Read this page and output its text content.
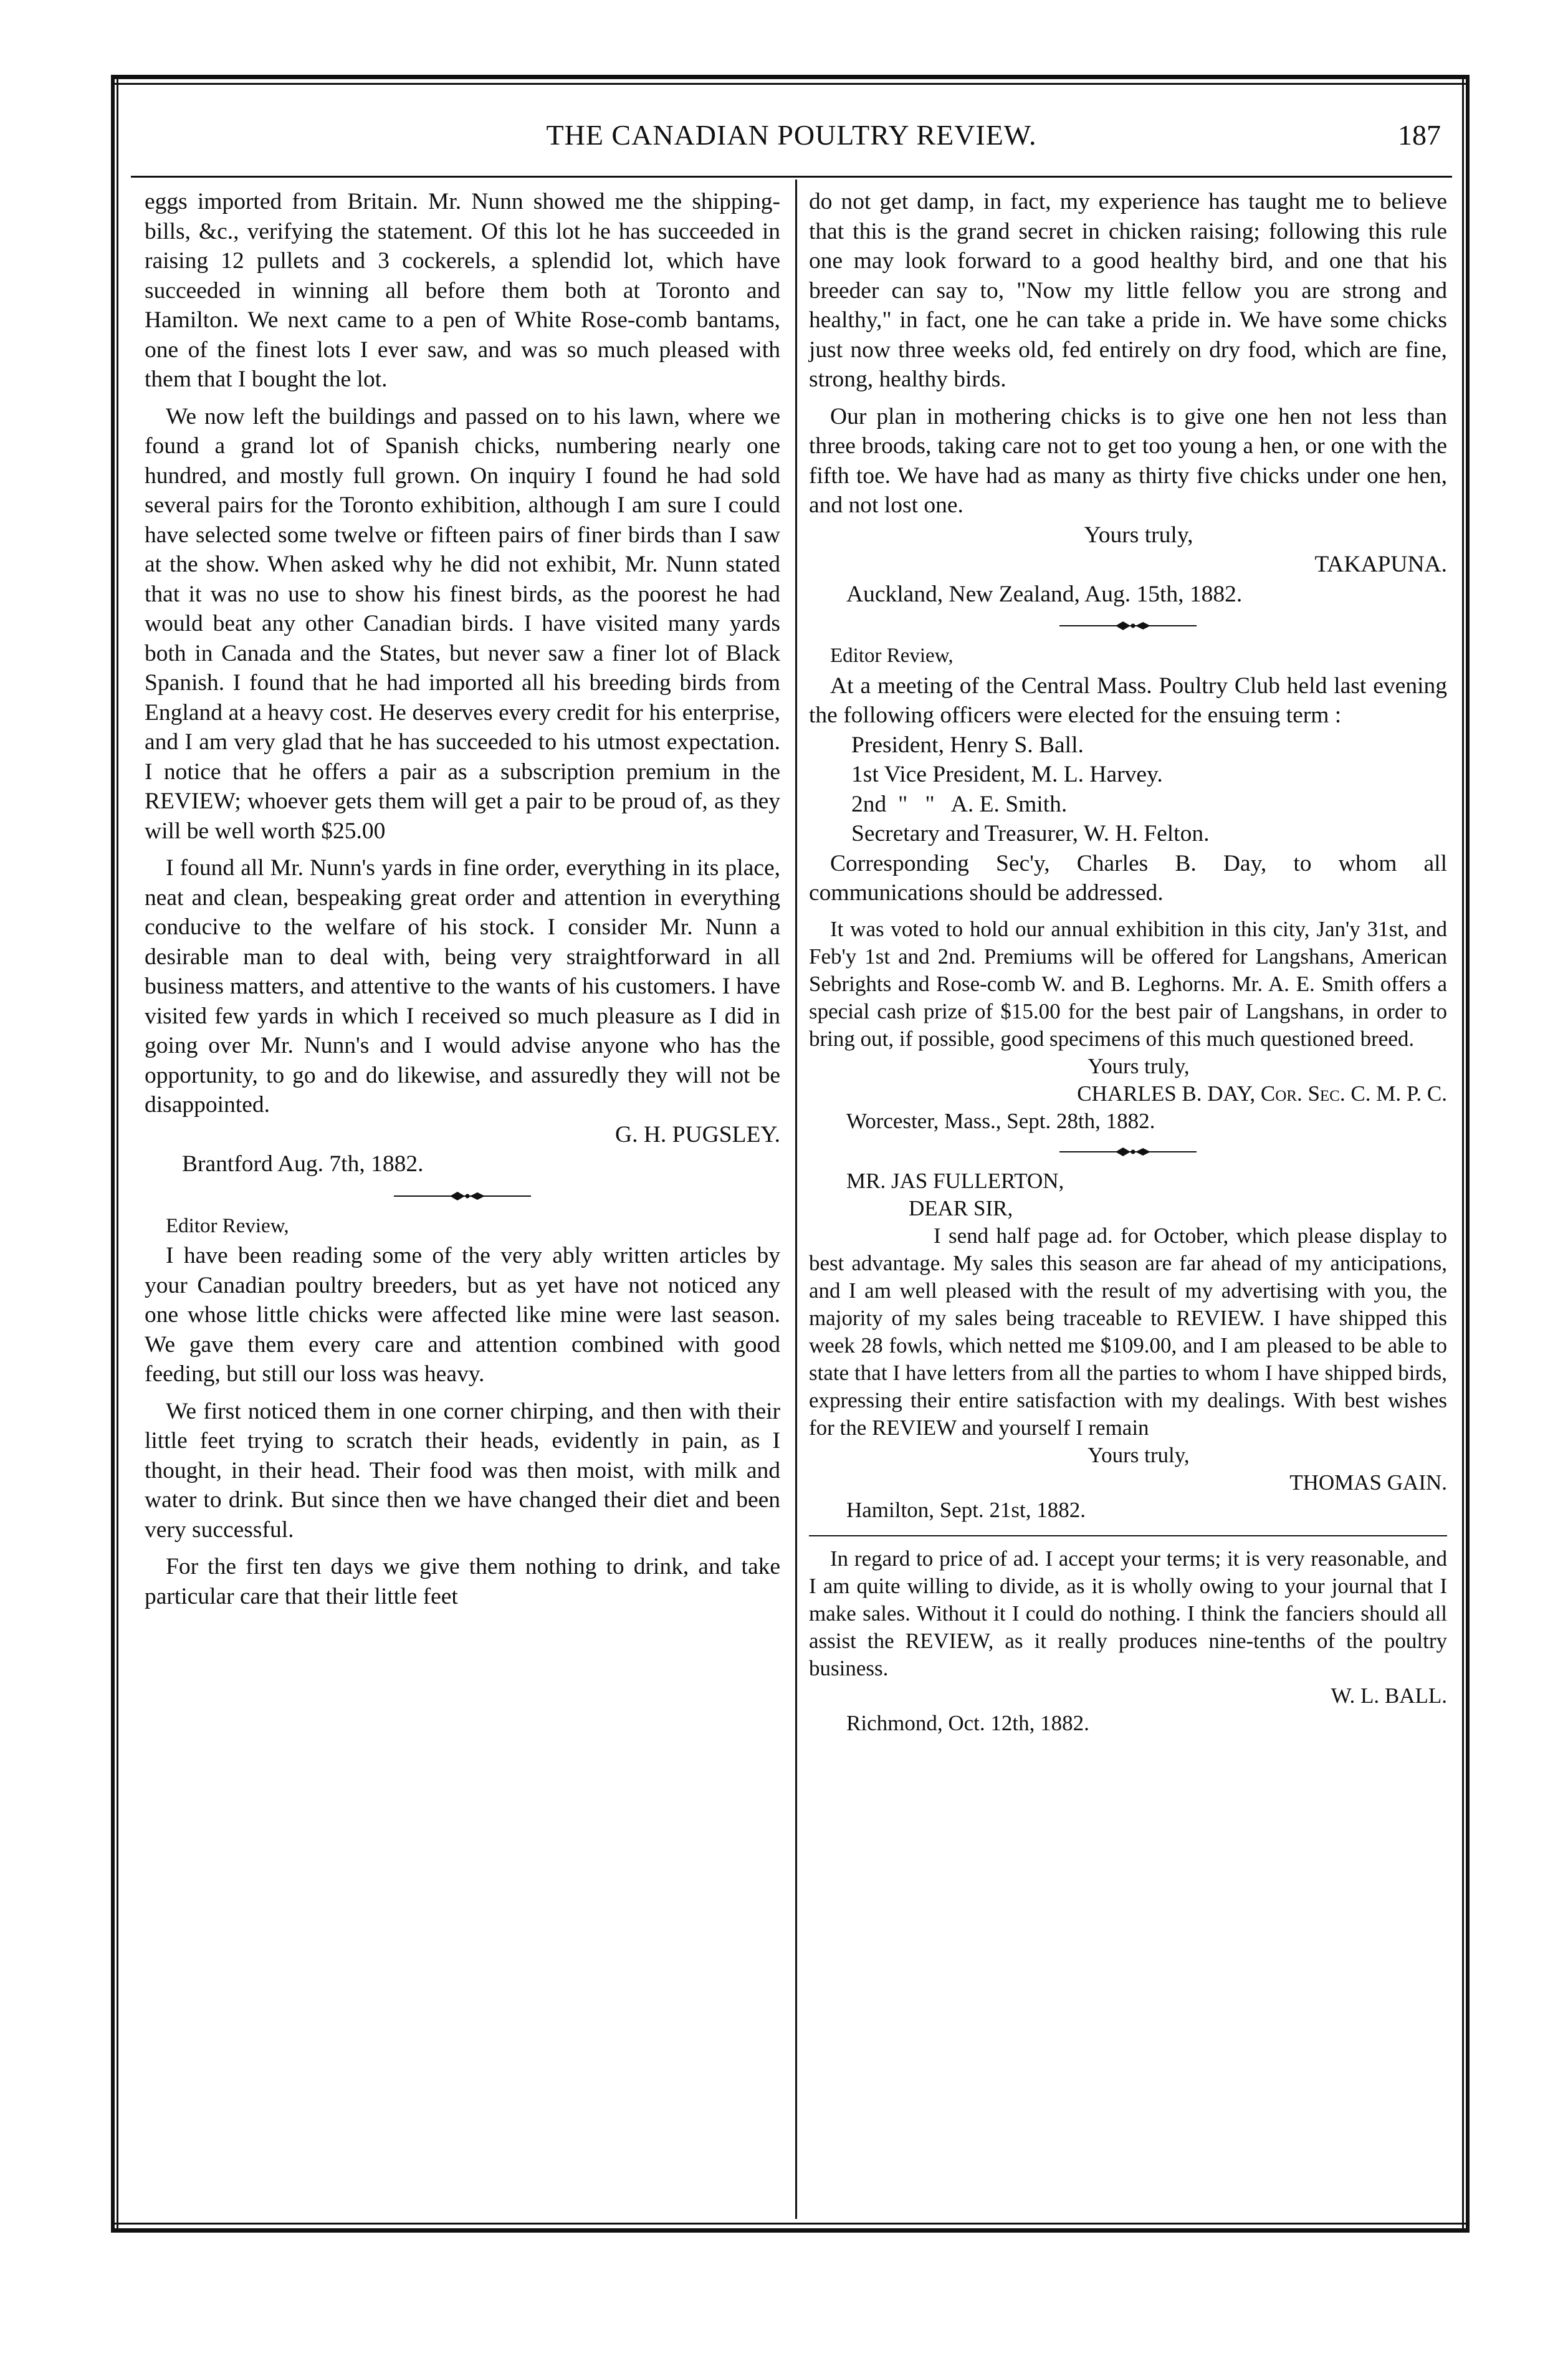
THE CANADIAN POULTRY REVIEW.	187

eggs imported from Britain. Mr. Nunn showed me the shipping-bills, &c., verifying the statement. Of this lot he has succeeded in raising 12 pullets and 3 cockerels, a splendid lot, which have succeeded in winning all before them both at Toronto and Hamilton. We next came to a pen of White Rose-comb bantams, one of the finest lots I ever saw, and was so much pleased with them that I bought the lot.

We now left the buildings and passed on to his lawn, where we found a grand lot of Spanish chicks, numbering nearly one hundred, and mostly full grown. On inquiry I found he had sold several pairs for the Toronto exhibition, although I am sure I could have selected some twelve or fifteen pairs of finer birds than I saw at the show. When asked why he did not exhibit, Mr. Nunn stated that it was no use to show his finest birds, as the poorest he had would beat any other Canadian birds. I have visited many yards both in Canada and the States, but never saw a finer lot of Black Spanish. I found that he had imported all his breeding birds from England at a heavy cost. He deserves every credit for his enterprise, and I am very glad that he has succeeded to his utmost expectation. I notice that he offers a pair as a subscription premium in the REVIEW; whoever gets them will get a pair to be proud of, as they will be well worth $25.00

I found all Mr. Nunn's yards in fine order, everything in its place, neat and clean, bespeaking great order and attention in everything conducive to the welfare of his stock. I consider Mr. Nunn a desirable man to deal with, being very straightforward in all business matters, and attentive to the wants of his customers. I have visited few yards in which I received so much pleasure as I did in going over Mr. Nunn's and I would advise anyone who has the opportunity, to go and do likewise, and assuredly they will not be disappointed.

G. H. PUGSLEY.

Brantford Aug. 7th, 1882.

Editor Review,

I have been reading some of the very ably written articles by your Canadian poultry breeders, but as yet have not noticed any one whose little chicks were affected like mine were last season. We gave them every care and attention combined with good feeding, but still our loss was heavy.

We first noticed them in one corner chirping, and then with their little feet trying to scratch their heads, evidently in pain, as I thought, in their head. Their food was then moist, with milk and water to drink. But since then we have changed their diet and been very successful.

For the first ten days we give them nothing to drink, and take particular care that their little feet

do not get damp, in fact, my experience has taught me to believe that this is the grand secret in chicken raising; following this rule one may look forward to a good healthy bird, and one that his breeder can say to, "Now my little fellow you are strong and healthy," in fact, one he can take a pride in. We have some chicks just now three weeks old, fed entirely on dry food, which are fine, strong, healthy birds.

Our plan in mothering chicks is to give one hen not less than three broods, taking care not to get too young a hen, or one with the fifth toe. We have had as many as thirty five chicks under one hen, and not lost one.

Yours truly,

TAKAPUNA.

Auckland, New Zealand, Aug. 15th, 1882.

Editor Review,

At a meeting of the Central Mass. Poultry Club held last evening the following officers were elected for the ensuing term :

President, Henry S. Ball.

1st Vice President, M. L. Harvey.

2nd  "   "   A. E. Smith.

Secretary and Treasurer, W. H. Felton.

Corresponding Sec'y, Charles B. Day, to whom all communications should be addressed.

It was voted to hold our annual exhibition in this city, Jan'y 31st, and Feb'y 1st and 2nd. Premiums will be offered for Langshans, American Sebrights and Rose-comb W. and B. Leghorns. Mr. A. E. Smith offers a special cash prize of $15.00 for the best pair of Langshans, in order to bring out, if possible, good specimens of this much questioned breed.

Yours truly,

CHARLES B. DAY, Cor. Sec. C. M. P. C.

Worcester, Mass., Sept. 28th, 1882.

MR. JAS FULLERTON,

DEAR SIR,

I send half page ad. for October, which please display to best advantage. My sales this season are far ahead of my anticipations, and I am well pleased with the result of my advertising with you, the majority of my sales being traceable to REVIEW. I have shipped this week 28 fowls, which netted me $109.00, and I am pleased to be able to state that I have letters from all the parties to whom I have shipped birds, expressing their entire satisfaction with my dealings. With best wishes for the REVIEW and yourself I remain

Yours truly,

THOMAS GAIN.

Hamilton, Sept. 21st, 1882.

In regard to price of ad. I accept your terms; it is very reasonable, and I am quite willing to divide, as it is wholly owing to your journal that I make sales. Without it I could do nothing. I think the fanciers should all assist the REVIEW, as it really produces nine-tenths of the poultry business.

W. L. BALL.

Richmond, Oct. 12th, 1882.
